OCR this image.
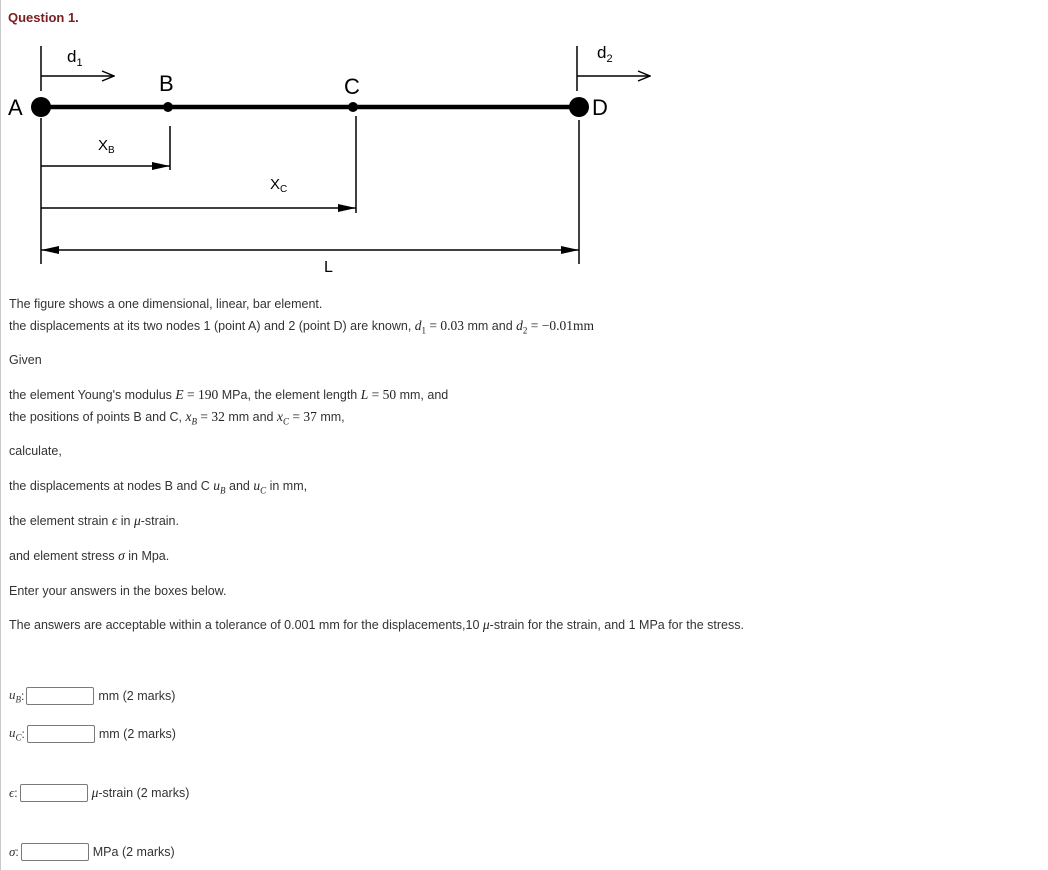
Question 1.
$d_1$
$d_2$
A
B	C
D
$X_B$
$X_C$
L

The figure shows a one dimensional, linear, bar element.

the displacements at its two nodes 1 (point A) and 2 (point D) are known, $d_1 = 0.03$ mm and $d_2 = -0.01mm$

Given

the element Young's modulus E = 190 MPa, the element length L = 50 mm, and

the positions of points B and C, $x_B = 32$ mm and $x_C = 37$ mm,

calculate,

the displacements at nodes B and C $u_B$ and $u_C$ in mm,

the element strain ϵ in μ-strain.

and element stress σ in Mpa.

Enter your answers in the boxes below.

The answers are acceptable within a tolerance of 0.001 mm for the displacements,10 μ-strain for the strain, and 1 MPa for the stress.

$u_B$ :	mm (2 marks)
$u_C$ :	mm (2 marks)
ϵ :	μ-strain (2 marks)
σ :	MPa (2 marks)
